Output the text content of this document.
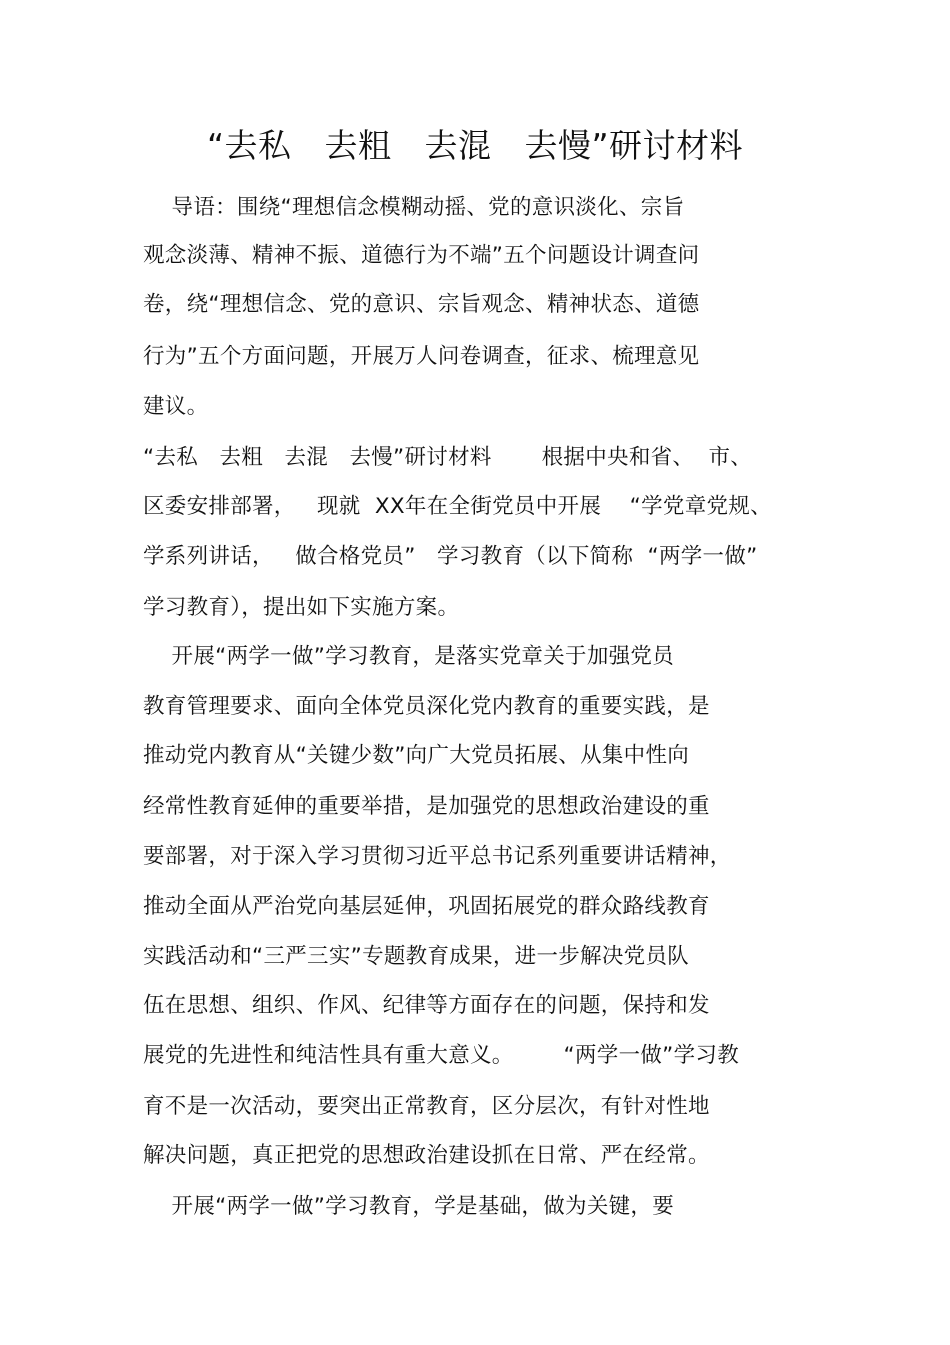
“去私   去粗   去混   去慢”研讨材料
导语：围绕“理想信念模糊动摇、党的意识淡化、宗旨
观念淡薄、精神不振、道德行为不端”五个问题设计调查问
卷，绕“理想信念、党的意识、宗旨观念、精神状态、道德
行为”五个方面问题，开展万人问卷调查，征求、梳理意见
建议。
“去私   去粗   去混   去慢”研讨材料       根据中央和省、  市、
区委安排部署，   现就  XX年在全街党员中开展    “学党章党规、
学系列讲话，   做合格党员”   学习教育（以下简称  “两学一做”
学习教育），提出如下实施方案。
开展“两学一做”学习教育，是落实党章关于加强党员
教育管理要求、面向全体党员深化党内教育的重要实践，是
推动党内教育从“关键少数”向广大党员拓展、从集中性向
经常性教育延伸的重要举措，是加强党的思想政治建设的重
要部署，对于深入学习贯彻习近平总书记系列重要讲话精神，
推动全面从严治党向基层延伸，巩固拓展党的群众路线教育
实践活动和“三严三实”专题教育成果，进一步解决党员队
伍在思想、组织、作风、纪律等方面存在的问题，保持和发
展党的先进性和纯洁性具有重大意义。       “两学一做”学习教
育不是一次活动，要突出正常教育，区分层次，有针对性地
解决问题，真正把党的思想政治建设抓在日常、严在经常。
开展“两学一做”学习教育，学是基础，做为关键，要
